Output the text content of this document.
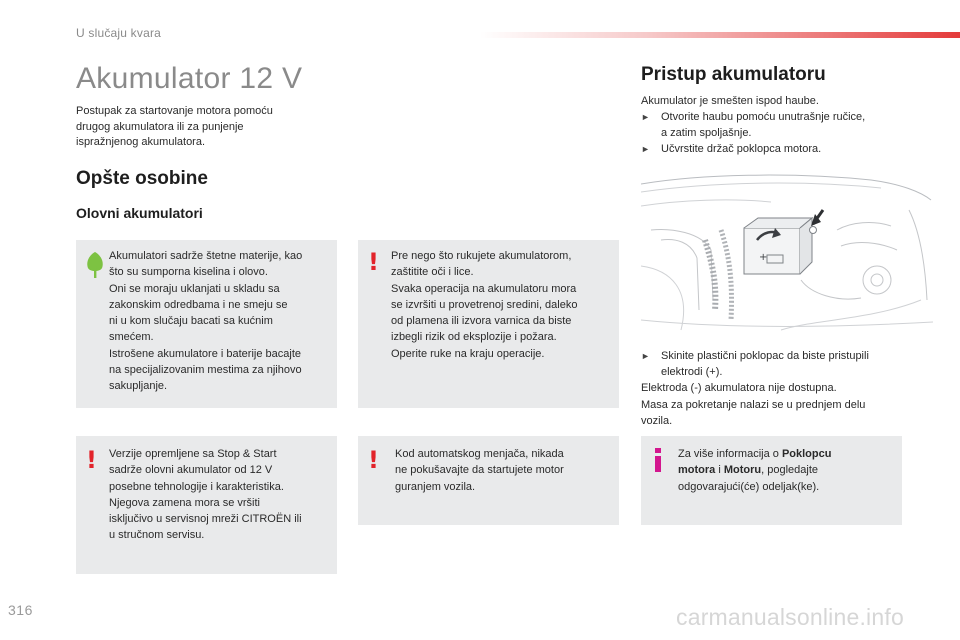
U slučaju kvara
Akumulator 12 V
Postupak za startovanje motora pomoću
drugog akumulatora ili za punjenje
ispražnjenog akumulatora.
Opšte osobine
Olovni akumulatori
Akumulatori sadrže štetne materije, kao
što su sumporna kiselina i olovo.
Oni se moraju uklanjati u skladu sa
zakonskim odredbama i ne smeju se
ni u kom slučaju bacati sa kućnim
smećem.
Istrošene akumulatore i baterije bacajte
na specijalizovanim mestima za njihovo
sakupljanje.
! Pre nego što rukujete akumulatorom,
zaštitite oči i lice.
Svaka operacija na akumulatoru mora
se izvršiti u provetrenoj sredini, daleko
od plamena ili izvora varnica da biste
izbegli rizik od eksplozije i požara.
Operite ruke na kraju operacije.
! Verzije opremljene sa Stop & Start
sadrže olovni akumulator od 12 V
posebne tehnologije i karakteristika.
Njegova zamena mora se vršiti
isključivo u servisnoj mreži CITROËN ili
u stručnom servisu.
! Kod automatskog menjača, nikada
ne pokušavajte da startujete motor
guranjem vozila.
Za više informacija o Poklopcu
motora i Motoru, pogledajte
odgovarajući(će) odeljak(ke).
Pristup akumulatoru
Akumulator je smešten ispod haube.
►	Otvorite haubu pomoću unutrašnje ručice,
a zatim spoljašnje.
►	Učvrstite držač poklopca motora.
+
►	Skinite plastični poklopac da biste pristupili
elektrodi (+).
Elektroda (-) akumulatora nije dostupna.
Masa za pokretanje nalazi se u prednjem delu
vozila.
316	carmanualsonline.info
